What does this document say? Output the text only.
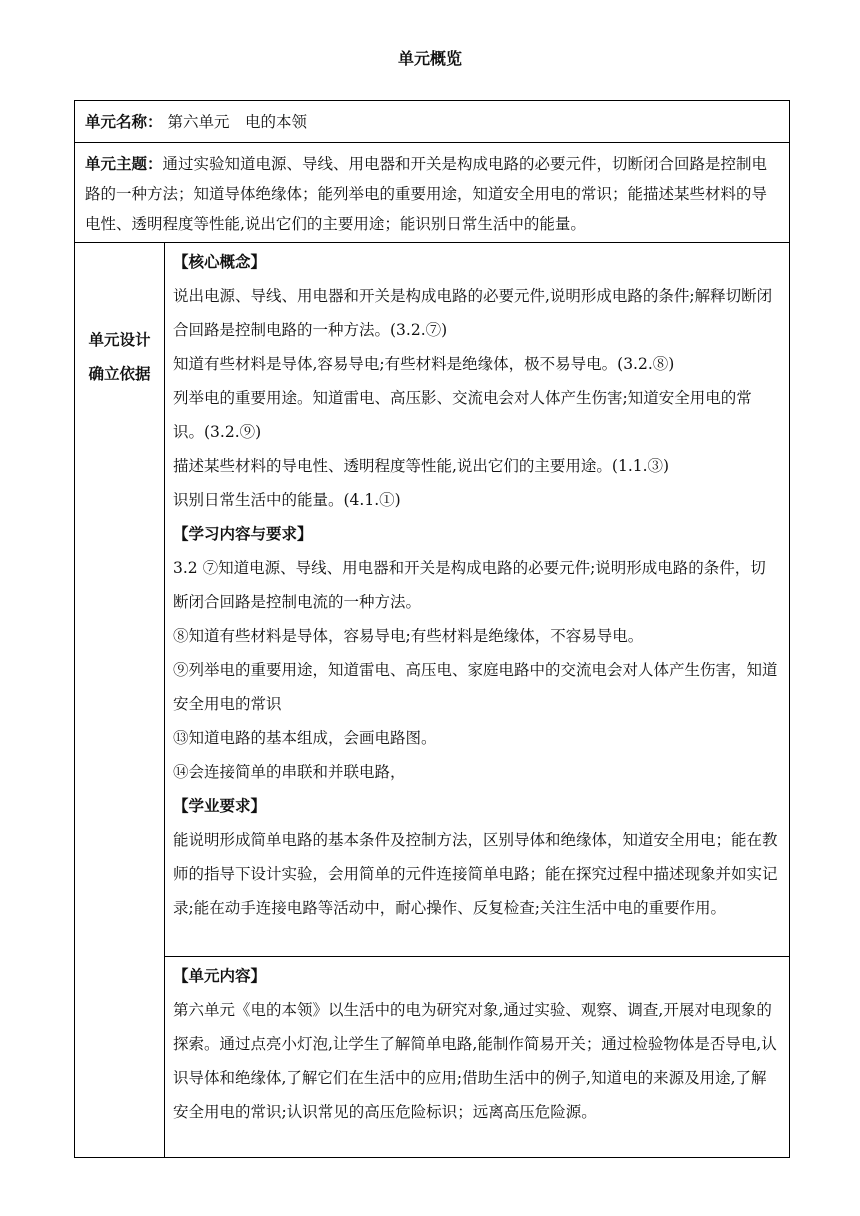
单元概览
单元名称： 第六单元　电的本领
单元主题：通过实验知道电源、导线、用电器和开关是构成电路的必要元件，切断闭合回路是控制电路的一种方法；知道导体绝缘体；能列举电的重要用途，知道安全用电的常识；能描述某些材料的导电性、透明程度等性能,说出它们的主要用途；能识别日常生活中的能量。
单元设计
确立依据

【核心概念】

说出电源、导线、用电器和开关是构成电路的必要元件,说明形成电路的条件;解释切断闭合回路是控制电路的一种方法。(3.2.⑦)

知道有些材料是导体,容易导电;有些材料是绝缘体，极不易导电。(3.2.⑧)

列举电的重要用途。知道雷电、高压影、交流电会对人体产生伤害;知道安全用电的常识。(3.2.⑨)

描述某些材料的导电性、透明程度等性能,说出它们的主要用途。(1.1.③)

识别日常生活中的能量。(4.1.①)

【学习内容与要求】

3.2 ⑦知道电源、导线、用电器和开关是构成电路的必要元件;说明形成电路的条件，切断闭合回路是控制电流的一种方法。

⑧知道有些材料是导体，容易导电;有些材料是绝缘体，不容易导电。

⑨列举电的重要用途，知道雷电、高压电、家庭电路中的交流电会对人体产生伤害，知道安全用电的常识

⑬知道电路的基本组成，会画电路图。

⑭会连接简单的串联和并联电路，

【学业要求】

能说明形成简单电路的基本条件及控制方法，区别导体和绝缘体，知道安全用电；能在教师的指导下设计实验，会用简单的元件连接简单电路；能在探究过程中描述现象并如实记录;能在动手连接电路等活动中，耐心操作、反复检查;关注生活中电的重要作用。

【单元内容】

第六单元《电的本领》以生活中的电为研究对象,通过实验、观察、调查,开展对电现象的探索。通过点亮小灯泡,让学生了解简单电路,能制作简易开关；通过检验物体是否导电,认识导体和绝缘体,了解它们在生活中的应用;借助生活中的例子,知道电的来源及用途,了解安全用电的常识;认识常见的高压危险标识；远离高压危险源。
